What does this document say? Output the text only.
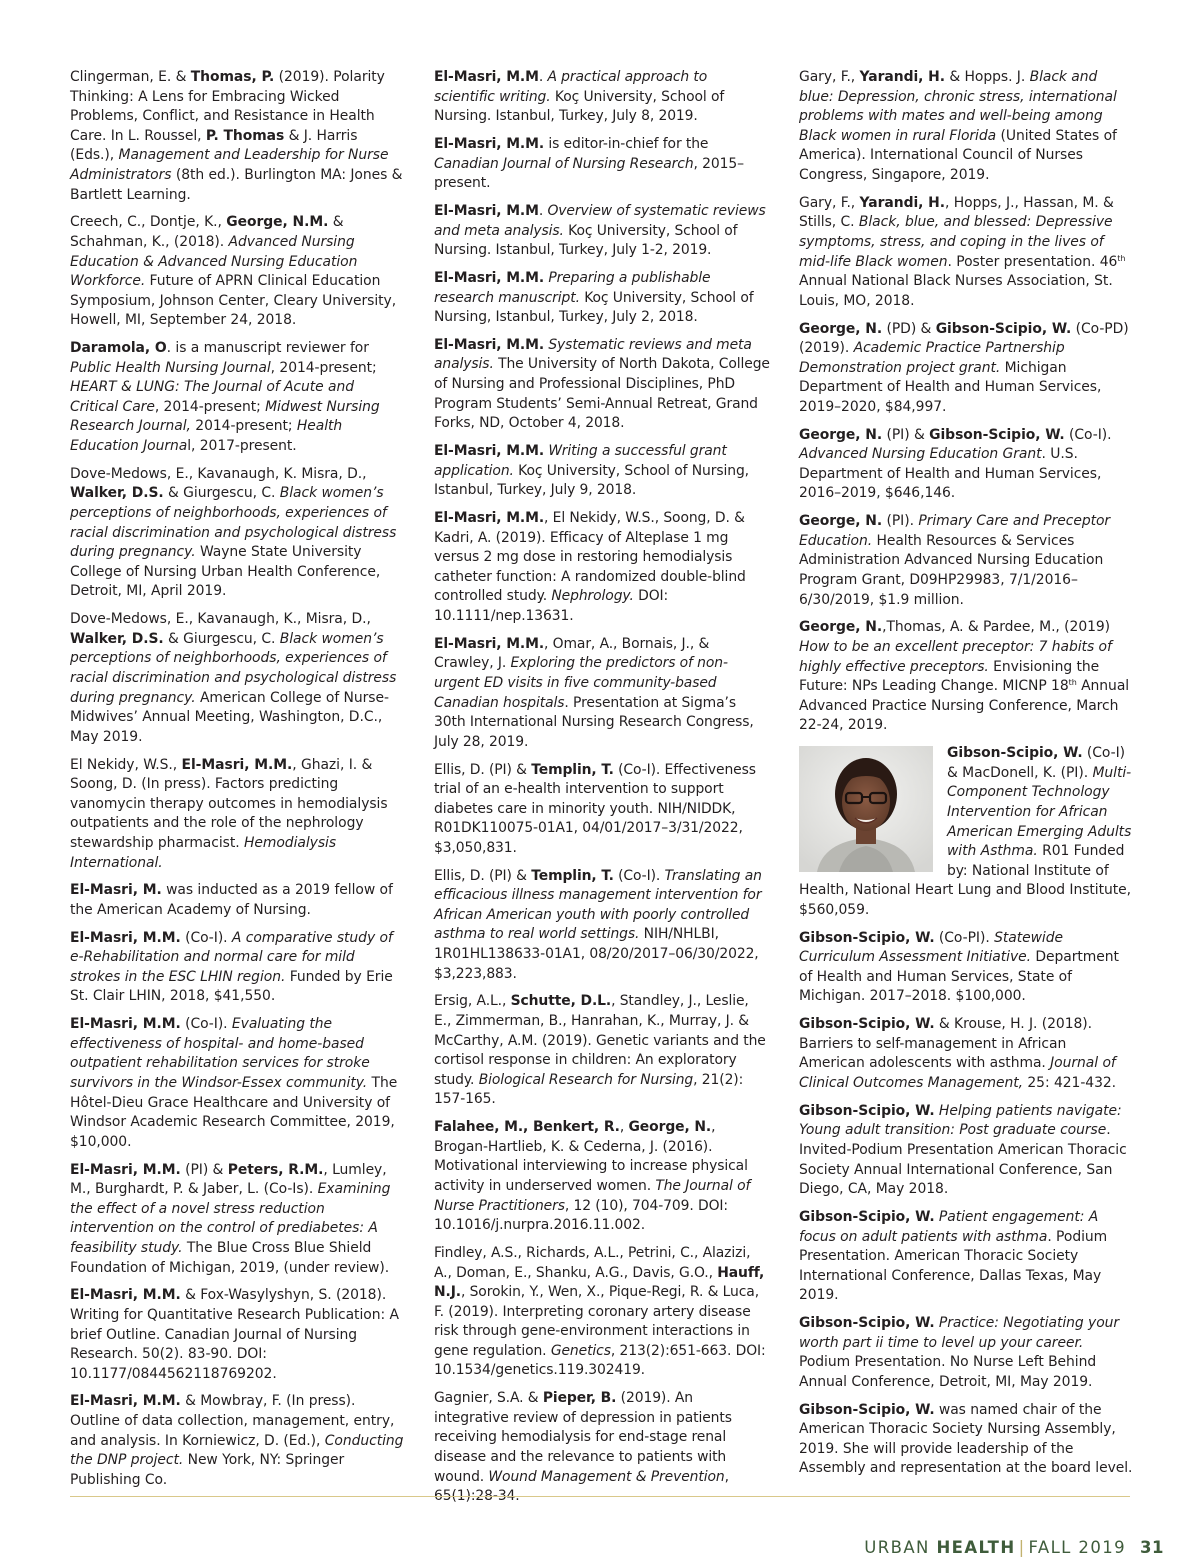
Clingerman, E. & Thomas, P. (2019). Polarity Thinking: A Lens for Embracing Wicked Problems, Conflict, and Resistance in Health Care. In L. Roussel, P. Thomas & J. Harris (Eds.), Management and Leadership for Nurse Administrators (8th ed.). Burlington MA: Jones & Bartlett Learning.

Creech, C., Dontje, K., George, N.M. & Schahman, K., (2018). Advanced Nursing Education & Advanced Nursing Education Workforce. Future of APRN Clinical Education Symposium, Johnson Center, Cleary University, Howell, MI, September 24, 2018.

Daramola, O. is a manuscript reviewer for Public Health Nursing Journal, 2014-present; HEART & LUNG: The Journal of Acute and Critical Care, 2014-present; Midwest Nursing Research Journal, 2014-present; Health Education Journal, 2017-present.

Dove-Medows, E., Kavanaugh, K. Misra, D., Walker, D.S. & Giurgescu, C. Black women’s perceptions of neighborhoods, experiences of racial discrimination and psychological distress during pregnancy. Wayne State University College of Nursing Urban Health Conference, Detroit, MI, April 2019.

Dove-Medows, E., Kavanaugh, K., Misra, D., Walker, D.S. & Giurgescu, C. Black women’s perceptions of neighborhoods, experiences of racial discrimination and psychological distress during pregnancy. American College of Nurse-Midwives’ Annual Meeting, Washington, D.C., May 2019.

El Nekidy, W.S., El-Masri, M.M., Ghazi, I. & Soong, D. (In press). Factors predicting vanomycin therapy outcomes in hemodialysis outpatients and the role of the nephrology stewardship pharmacist. Hemodialysis International.

El-Masri, M. was inducted as a 2019 fellow of the American Academy of Nursing.

El-Masri, M.M. (Co-I). A comparative study of e-Rehabilitation and normal care for mild strokes in the ESC LHIN region. Funded by Erie St. Clair LHIN, 2018, $41,550.

El-Masri, M.M. (Co-I). Evaluating the effectiveness of hospital- and home-based outpatient rehabilitation services for stroke survivors in the Windsor-Essex community. The Hôtel-Dieu Grace Healthcare and University of Windsor Academic Research Committee, 2019, $10,000.

El-Masri, M.M. (PI) & Peters, R.M., Lumley, M., Burghardt, P. & Jaber, L. (Co-Is). Examining the effect of a novel stress reduction intervention on the control of prediabetes: A feasibility study. The Blue Cross Blue Shield Foundation of Michigan, 2019, (under review).

El-Masri, M.M. & Fox-Wasylyshyn, S. (2018). Writing for Quantitative Research Publication: A brief Outline. Canadian Journal of Nursing Research. 50(2). 83-90. DOI: 10.1177/0844562118769202.

El-Masri, M.M. & Mowbray, F. (In press). Outline of data collection, management, entry, and analysis. In Korniewicz, D. (Ed.), Conducting the DNP project. New York, NY: Springer Publishing Co.

El-Masri, M.M. A practical approach to scientific writing. Koç University, School of Nursing. Istanbul, Turkey, July 8, 2019.

El-Masri, M.M. is editor-in-chief for the Canadian Journal of Nursing Research, 2015–present.

El-Masri, M.M. Overview of systematic reviews and meta analysis. Koç University, School of Nursing. Istanbul, Turkey, July 1-2, 2019.

El-Masri, M.M. Preparing a publishable research manuscript. Koç University, School of Nursing, Istanbul, Turkey, July 2, 2018.

El-Masri, M.M. Systematic reviews and meta analysis. The University of North Dakota, College of Nursing and Professional Disciplines, PhD Program Students’ Semi-Annual Retreat, Grand Forks, ND, October 4, 2018.

El-Masri, M.M. Writing a successful grant application. Koç University, School of Nursing, Istanbul, Turkey, July 9, 2018.

El-Masri, M.M., El Nekidy, W.S., Soong, D. & Kadri, A. (2019). Efficacy of Alteplase 1 mg versus 2 mg dose in restoring hemodialysis catheter function: A randomized double-blind controlled study. Nephrology. DOI: 10.1111/nep.13631.

El-Masri, M.M., Omar, A., Bornais, J., & Crawley, J. Exploring the predictors of non-urgent ED visits in five community-based Canadian hospitals. Presentation at Sigma’s 30th International Nursing Research Congress, July 28, 2019.

Ellis, D. (PI) & Templin, T. (Co-I). Effectiveness trial of an e-health intervention to support diabetes care in minority youth. NIH/NIDDK, R01DK110075-01A1, 04/01/2017–3/31/2022, $3,050,831.

Ellis, D. (PI) & Templin, T. (Co-I). Translating an efficacious illness management intervention for African American youth with poorly controlled asthma to real world settings. NIH/NHLBI, 1R01HL138633-01A1, 08/20/2017–06/30/2022, $3,223,883.

Ersig, A.L., Schutte, D.L., Standley, J., Leslie, E., Zimmerman, B., Hanrahan, K., Murray, J. & McCarthy, A.M. (2019). Genetic variants and the cortisol response in children: An exploratory study. Biological Research for Nursing, 21(2): 157-165.

Falahee, M., Benkert, R., George, N., Brogan-Hartlieb, K. & Cederna, J. (2016). Motivational interviewing to increase physical activity in underserved women. The Journal of Nurse Practitioners, 12 (10), 704-709. DOI: 10.1016/j.nurpra.2016.11.002.

Findley, A.S., Richards, A.L., Petrini, C., Alazizi, A., Doman, E., Shanku, A.G., Davis, G.O., Hauff, N.J., Sorokin, Y., Wen, X., Pique-Regi, R. & Luca, F. (2019). Interpreting coronary artery disease risk through gene-environment interactions in gene regulation. Genetics, 213(2):651-663. DOI: 10.1534/genetics.119.302419.

Gagnier, S.A. & Pieper, B. (2019). An integrative review of depression in patients receiving hemodialysis for end-stage renal disease and the relevance to patients with wound. Wound Management & Prevention, 65(1):28-34.

Gary, F., Yarandi, H. & Hopps. J. Black and blue: Depression, chronic stress, international problems with mates and well-being among Black women in rural Florida (United States of America). International Council of Nurses Congress, Singapore, 2019.

Gary, F., Yarandi, H., Hopps, J., Hassan, M. & Stills, C. Black, blue, and blessed: Depressive symptoms, stress, and coping in the lives of mid-life Black women. Poster presentation. 46th Annual National Black Nurses Association, St. Louis, MO, 2018.

George, N. (PD) & Gibson-Scipio, W. (Co-PD) (2019). Academic Practice Partnership Demonstration project grant. Michigan Department of Health and Human Services, 2019–2020, $84,997.

George, N. (PI) & Gibson-Scipio, W. (Co-I). Advanced Nursing Education Grant. U.S. Department of Health and Human Services, 2016–2019, $646,146.

George, N. (PI). Primary Care and Preceptor Education. Health Resources & Services Administration Advanced Nursing Education Program Grant, D09HP29983, 7/1/2016–6/30/2019, $1.9 million.

George, N.,Thomas, A. & Pardee, M., (2019) How to be an excellent preceptor: 7 habits of highly effective preceptors. Envisioning the Future: NPs Leading Change. MICNP 18th Annual Advanced Practice Nursing Conference, March 22-24, 2019.

Gibson-Scipio, W. (Co-I) & MacDonell, K. (PI). Multi-Component Technology Intervention for African American Emerging Adults with Asthma. R01 Funded by: National Institute of Health, National Heart Lung and Blood Institute, $560,059.

Gibson-Scipio, W. (Co-PI). Statewide Curriculum Assessment Initiative. Department of Health and Human Services, State of Michigan. 2017–2018. $100,000.

Gibson-Scipio, W. & Krouse, H. J. (2018). Barriers to self-management in African American adolescents with asthma. Journal of Clinical Outcomes Management, 25: 421-432.

Gibson-Scipio, W. Helping patients navigate: Young adult transition: Post graduate course. Invited-Podium Presentation American Thoracic Society Annual International Conference, San Diego, CA, May 2018.

Gibson-Scipio, W. Patient engagement: A focus on adult patients with asthma. Podium Presentation. American Thoracic Society International Conference, Dallas Texas, May 2019.

Gibson-Scipio, W. Practice: Negotiating your worth part ii time to level up your career. Podium Presentation. No Nurse Left Behind Annual Conference, Detroit, MI, May 2019.

Gibson-Scipio, W. was named chair of the American Thoracic Society Nursing Assembly, 2019. She will provide leadership of the Assembly and representation at the board level.

URBAN HEALTH | FALL 2019 31
